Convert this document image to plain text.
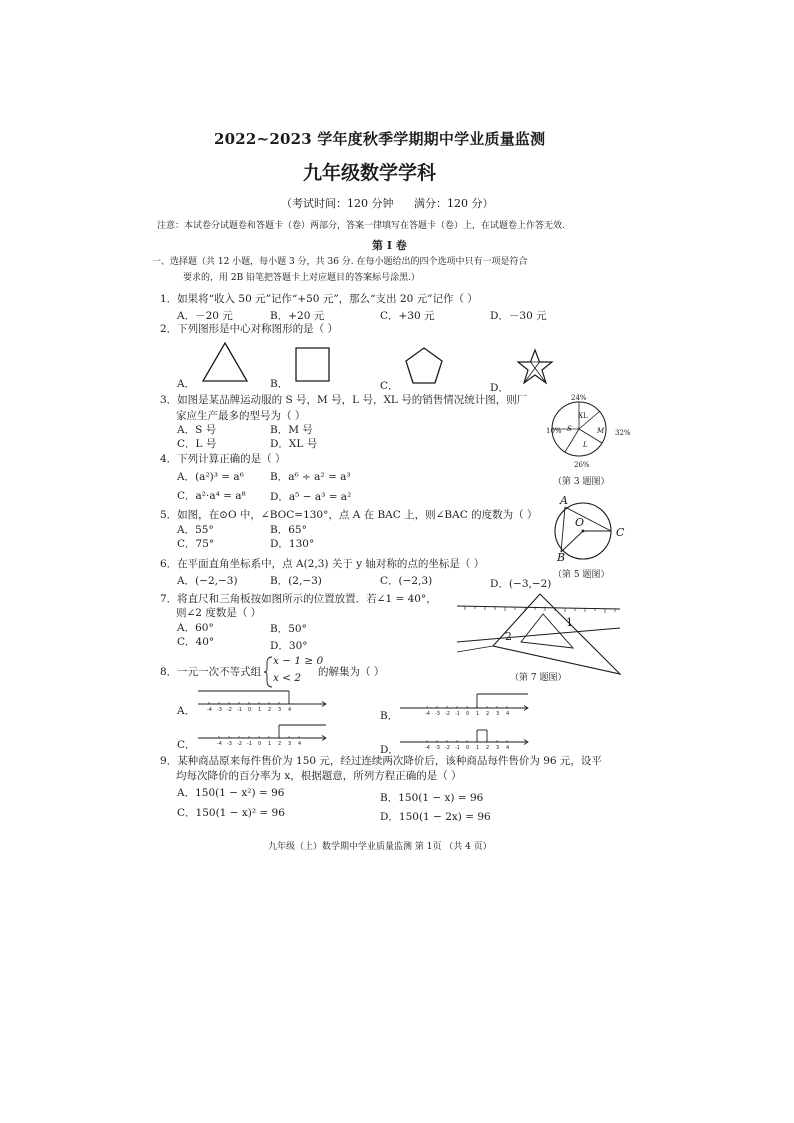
2022~2023 学年度秋季学期期中学业质量监测
九年级数学学科
（考试时间：120 分钟 满分：120 分）
注意：本试卷分试题卷和答题卡（卷）两部分，答案一律填写在答题卡（卷）上，在试题卷上作答无效.
第 I 卷
一、选择题（共 12 小题，每小题 3 分，共 36 分. 在每小题给出的四个选项中只有一项是符合
要求的，用 2B 铅笔把答题卡上对应题目的答案标号涂黑.）
1．如果将“收入 50 元”记作“+50 元”，那么“支出 20 元”记作（ ）
A．－20 元	B．+20 元	C．+30 元	D．－30 元
2．下列图形是中心对称图形的是（ ）
A．	B．	C．	D．
3．如图是某品牌运动服的 S 号，M 号，L 号，XL 号的销售情况统计图，则厂
家应生产最多的型号为（ ）
A．S 号	B．M 号
C．L 号	D．XL 号
24%
10%	32%
26%
XL
M
S
L
（第 3 题图）
4．下列计算正确的是（ ）
A．(a²)³ = a⁶ B．a⁶ ÷ a² = a³
C．a²·a⁴ = a⁸ D．a⁵ − a³ = a²
5．如图，在⊙O 中，∠BOC=130°，点 A 在 BAC 上，则∠BAC 的度数为（ ）
A．55°	B．65°
C．75°	D．130°
A
O
C
B
（第 5 题图）
6．在平面直角坐标系中，点 A(2,3) 关于 y 轴对称的点的坐标是（ ）
A．(−2,−3)	B．(2,−3)	C．(−2,3)	D．(−3,−2)
7．将直尺和三角板按如图所示的位置放置．若∠1 = 40°，
则∠2 度数是（ ）
A．60°	B．50°
C．40°	D．30°
1
2
（第 7 题图）
8．一元一次不等式组
x − 1 ≥ 0
x < 2 的解集为（ ）
A．	B．
C．	D．
-4 -3 -2 -1 0 1 2 3 4
-4 -3 -2 -1 0 1 2 3 4
-4 -3 -2 -1 0 1 2 3 4
-4 -3 -2 -1 0 1 2 3 4
9．某种商品原来每件售价为 150 元，经过连续两次降价后，该种商品每件售价为 96 元，设平
均每次降价的百分率为 x，根据题意，所列方程正确的是（ ）
A．150(1 − x²) = 96	B．150(1 − x) = 96
C．150(1 − x)² = 96	D．150(1 − 2x) = 96
九年级（上）数学期中学业质量监测 第 1页 （共 4 页）
